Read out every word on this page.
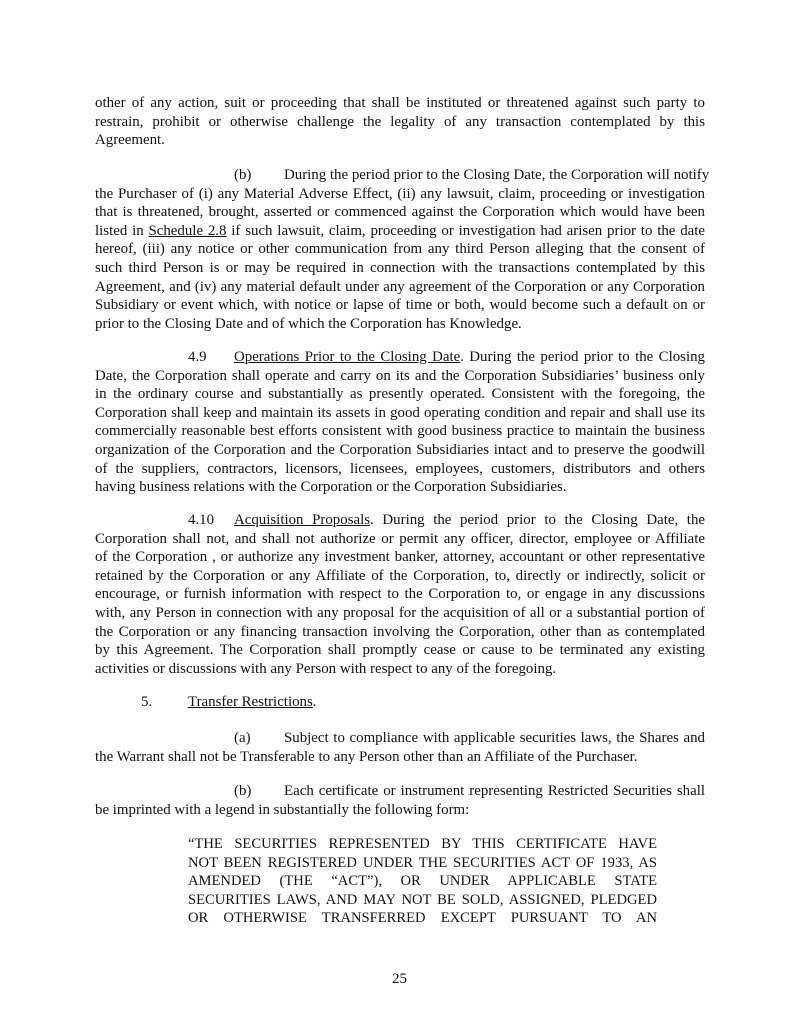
other of any action, suit or proceeding that shall be instituted or threatened against such party to
restrain, prohibit or otherwise challenge the legality of any transaction contemplated by this
Agreement.
(b) During the period prior to the Closing Date, the Corporation will notify
the Purchaser of (i) any Material Adverse Effect, (ii) any lawsuit, claim, proceeding or investigation
that is threatened, brought, asserted or commenced against the Corporation which would have been
listed in Schedule 2.8 if such lawsuit, claim, proceeding or investigation had arisen prior to the date
hereof, (iii) any notice or other communication from any third Person alleging that the consent of
such third Person is or may be required in connection with the transactions contemplated by this
Agreement, and (iv) any material default under any agreement of the Corporation or any Corporation
Subsidiary or event which, with notice or lapse of time or both, would become such a default on or
prior to the Closing Date and of which the Corporation has Knowledge.
4.9 Operations Prior to the Closing Date. During the period prior to the Closing
Date, the Corporation shall operate and carry on its and the Corporation Subsidiaries’ business only
in the ordinary course and substantially as presently operated. Consistent with the foregoing, the
Corporation shall keep and maintain its assets in good operating condition and repair and shall use its
commercially reasonable best efforts consistent with good business practice to maintain the business
organization of the Corporation and the Corporation Subsidiaries intact and to preserve the goodwill
of the suppliers, contractors, licensors, licensees, employees, customers, distributors and others
having business relations with the Corporation or the Corporation Subsidiaries.
4.10 Acquisition Proposals. During the period prior to the Closing Date, the
Corporation shall not, and shall not authorize or permit any officer, director, employee or Affiliate
of the Corporation , or authorize any investment banker, attorney, accountant or other representative
retained by the Corporation or any Affiliate of the Corporation, to, directly or indirectly, solicit or
encourage, or furnish information with respect to the Corporation to, or engage in any discussions
with, any Person in connection with any proposal for the acquisition of all or a substantial portion of
the Corporation or any financing transaction involving the Corporation, other than as contemplated
by this Agreement. The Corporation shall promptly cease or cause to be terminated any existing
activities or discussions with any Person with respect to any of the foregoing.
5. Transfer Restrictions.
(a) Subject to compliance with applicable securities laws, the Shares and
the Warrant shall not be Transferable to any Person other than an Affiliate of the Purchaser.
(b) Each certificate or instrument representing Restricted Securities shall
be imprinted with a legend in substantially the following form:
“THE SECURITIES REPRESENTED BY THIS CERTIFICATE HAVE
NOT BEEN REGISTERED UNDER THE SECURITIES ACT OF 1933, AS
AMENDED (THE “ACT”), OR UNDER APPLICABLE STATE
SECURITIES LAWS, AND MAY NOT BE SOLD, ASSIGNED, PLEDGED
OR OTHERWISE TRANSFERRED EXCEPT PURSUANT TO AN
25
